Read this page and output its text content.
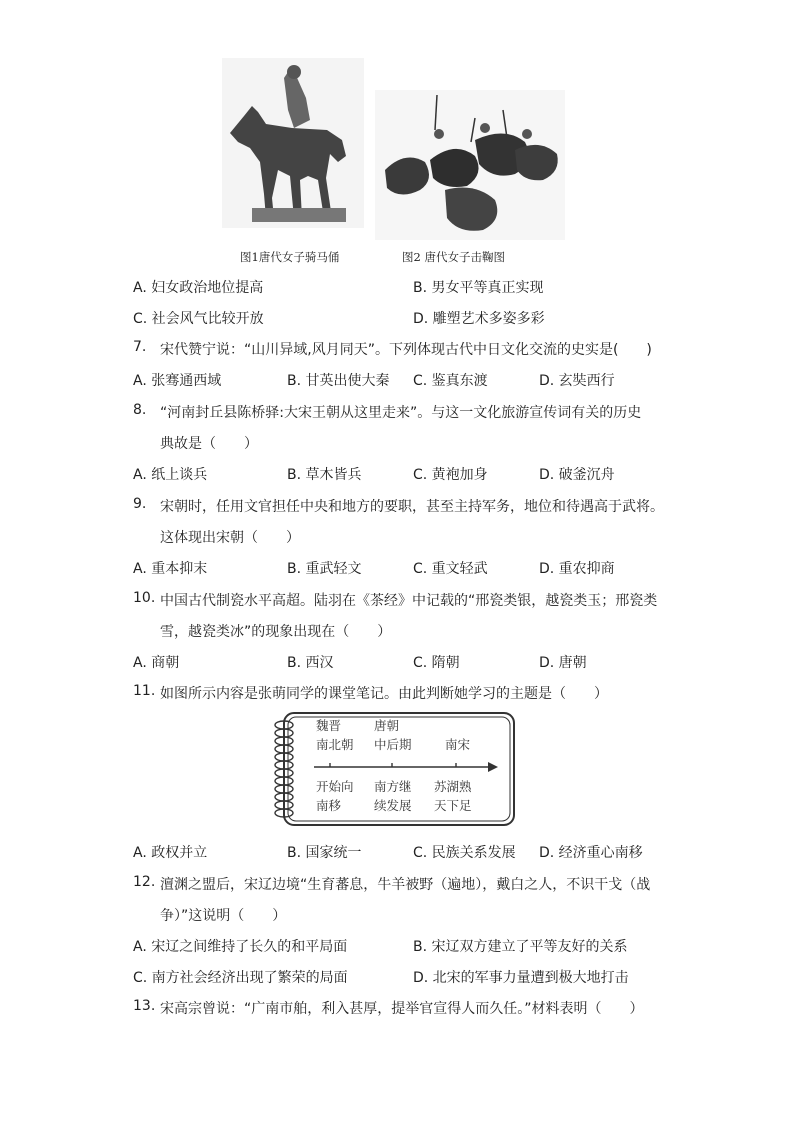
图1唐代女子骑马俑	图2 唐代女子击鞠图
A. 妇女政治地位提高	B. 男女平等真正实现
C. 社会风气比较开放	D. 雕塑艺术多姿多彩
7. 宋代赞宁说：“山川异域,风月同天”。下列体现古代中日文化交流的史实是(　　)
A. 张骞通西域	B. 甘英出使大秦 C. 鉴真东渡	D. 玄奘西行
8. “河南封丘县陈桥驿:大宋王朝从这里走来”。与这一文化旅游宣传词有关的历史
典故是（　　）
A. 纸上谈兵	B. 草木皆兵	C. 黄袍加身	D. 破釜沉舟
9. 宋朝时，任用文官担任中央和地方的要职，甚至主持军务，地位和待遇高于武将。
这体现出宋朝（　　）
A. 重本抑末	B. 重武轻文	C. 重文轻武	D. 重农抑商
10. 中国古代制瓷水平高超。陆羽在《茶经》中记载的“邢瓷类银，越瓷类玉；邢瓷类
雪，越瓷类冰”的现象出现在（　　）
A. 商朝	B. 西汉	C. 隋朝	D. 唐朝
11. 如图所示内容是张萌同学的课堂笔记。由此判断她学习的主题是（　　）
魏晋
南北朝
唐朝
中后期	南宋
开始向
南移
南方继
续发展
苏湖熟
天下足
A. 政权并立	B. 国家统一	C. 民族关系发展 D. 经济重心南移
12. 澶渊之盟后，宋辽边境“生育蕃息，牛羊被野（遍地），戴白之人，不识干戈（战
争）”这说明（　　）
A. 宋辽之间维持了长久的和平局面	B. 宋辽双方建立了平等友好的关系
C. 南方社会经济出现了繁荣的局面	D. 北宋的军事力量遭到极大地打击
13. 宋高宗曾说：“广南市舶，利入甚厚，提举官宣得人而久任。”材料表明（　　）
